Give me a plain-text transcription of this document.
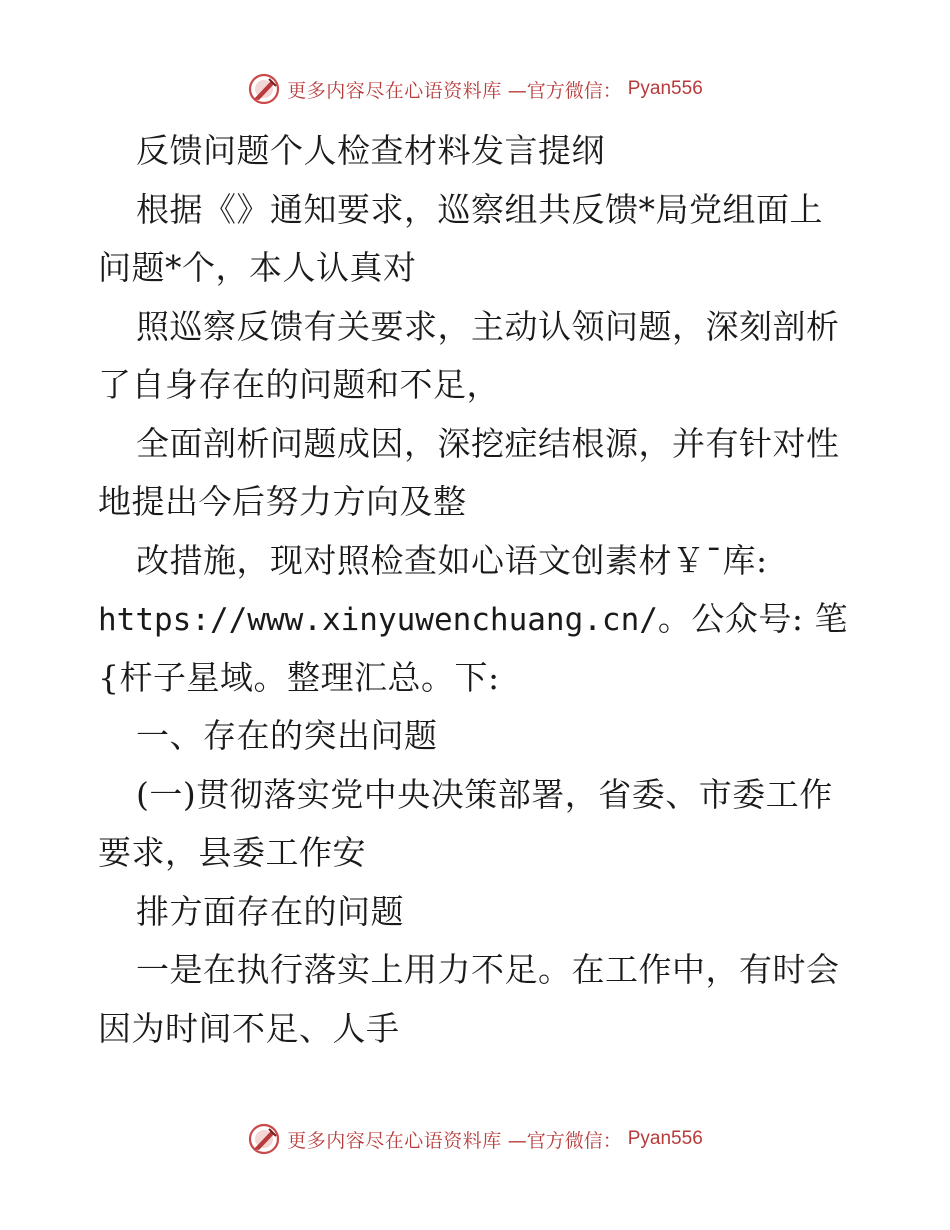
更多内容尽在心语资料库 —官方微信： Pyan556
反馈问题个人检查材料发言提纲
根据《》通知要求，巡察组共反馈*局党组面上
问题*个，本人认真对
照巡察反馈有关要求，主动认领问题，深刻剖析
了自身存在的问题和不足，
全面剖析问题成因，深挖症结根源，并有针对性
地提出今后努力方向及整
改措施，现对照检查如心语文创素材￥¯库:
https://www.xinyuwenchuang.cn/。公众号: 笔
{杆子星域。整理汇总。下:
一、存在的突出问题
(一)贯彻落实党中央决策部署，省委、市委工作
要求，县委工作安
排方面存在的问题
一是在执行落实上用力不足。在工作中，有时会
因为时间不足、人手
更多内容尽在心语资料库 —官方微信： Pyan556
